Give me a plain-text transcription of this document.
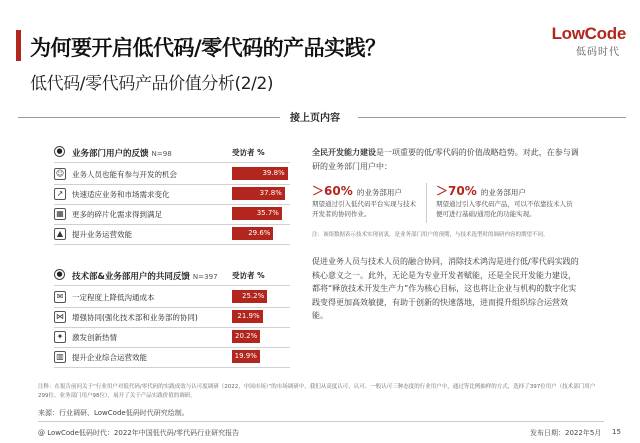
为何要开启低代码/零代码的产品实践？
低代码/零代码产品价值分析(2/2)
LowCode
低码时代
接上页内容
● 业务部门用户的反馈 N=98	受访者 %
☺ 业务人员也能有参与开发的机会	39.8%
↗	快速适应业务和市场需求变化	37.8%
▦ 更多的碎片化需求得到满足	35.7%
▲	提升业务运营效能	29.6%
● 技术部&业务部用户的共同反馈 N=397 受访者 %
✉	一定程度上降低沟通成本	25.2%
⋈ 增强协同(强化技术部和业务部的协同)	21.9%
✦	激发创新热情	20.2%
▥ 提升企业综合运营效能	19.9%
全民开发能力建设是一项重要的低/零代码的价值战略趋势。对此，在参与调研的业务部门用户中：
＞60% 的业务部用户
期望通过引入低代码平台实现与技术开发者的协同作业。
＞70% 的业务部用户
期望通过引入零代码产品，可以不依靠技术人员便可进行基础/通用化的功能实现。
注：该组数据表示技术实现初衷，是业务部门用户的预期，与技术选型时的调研内容的期望不同。
促进业务人员与技术人员的融合协同，消除技术鸿沟是进行低/零代码实践的核心意义之一。此外，无论是为专业开发者赋能，还是全民开发能力建设，都将“释放技术开发生产力”作为核心目标，这也将让企业与机构的数字化实践变得更加高效敏捷，有助于创新的快速落地，进而提升组织综合运营效能。
注释：在报告前问关于“行业用户对低代码/零代码的实践成效与认可度调研（2022，中国市场）”的市场调研中，我们从高度认可、认可、一般认可三种态度的行业用户中，通过等比例抽样的方式，选择了397位用户（技术部门用户299位、业务部门用户98位），展开了关于产品实践价值的调研。
来源：行业调研、LowCode低码时代研究绘制。
@ LowCode低码时代：2022年中国低代码/零代码行业研究报告	发布日期：2022年5月 15
